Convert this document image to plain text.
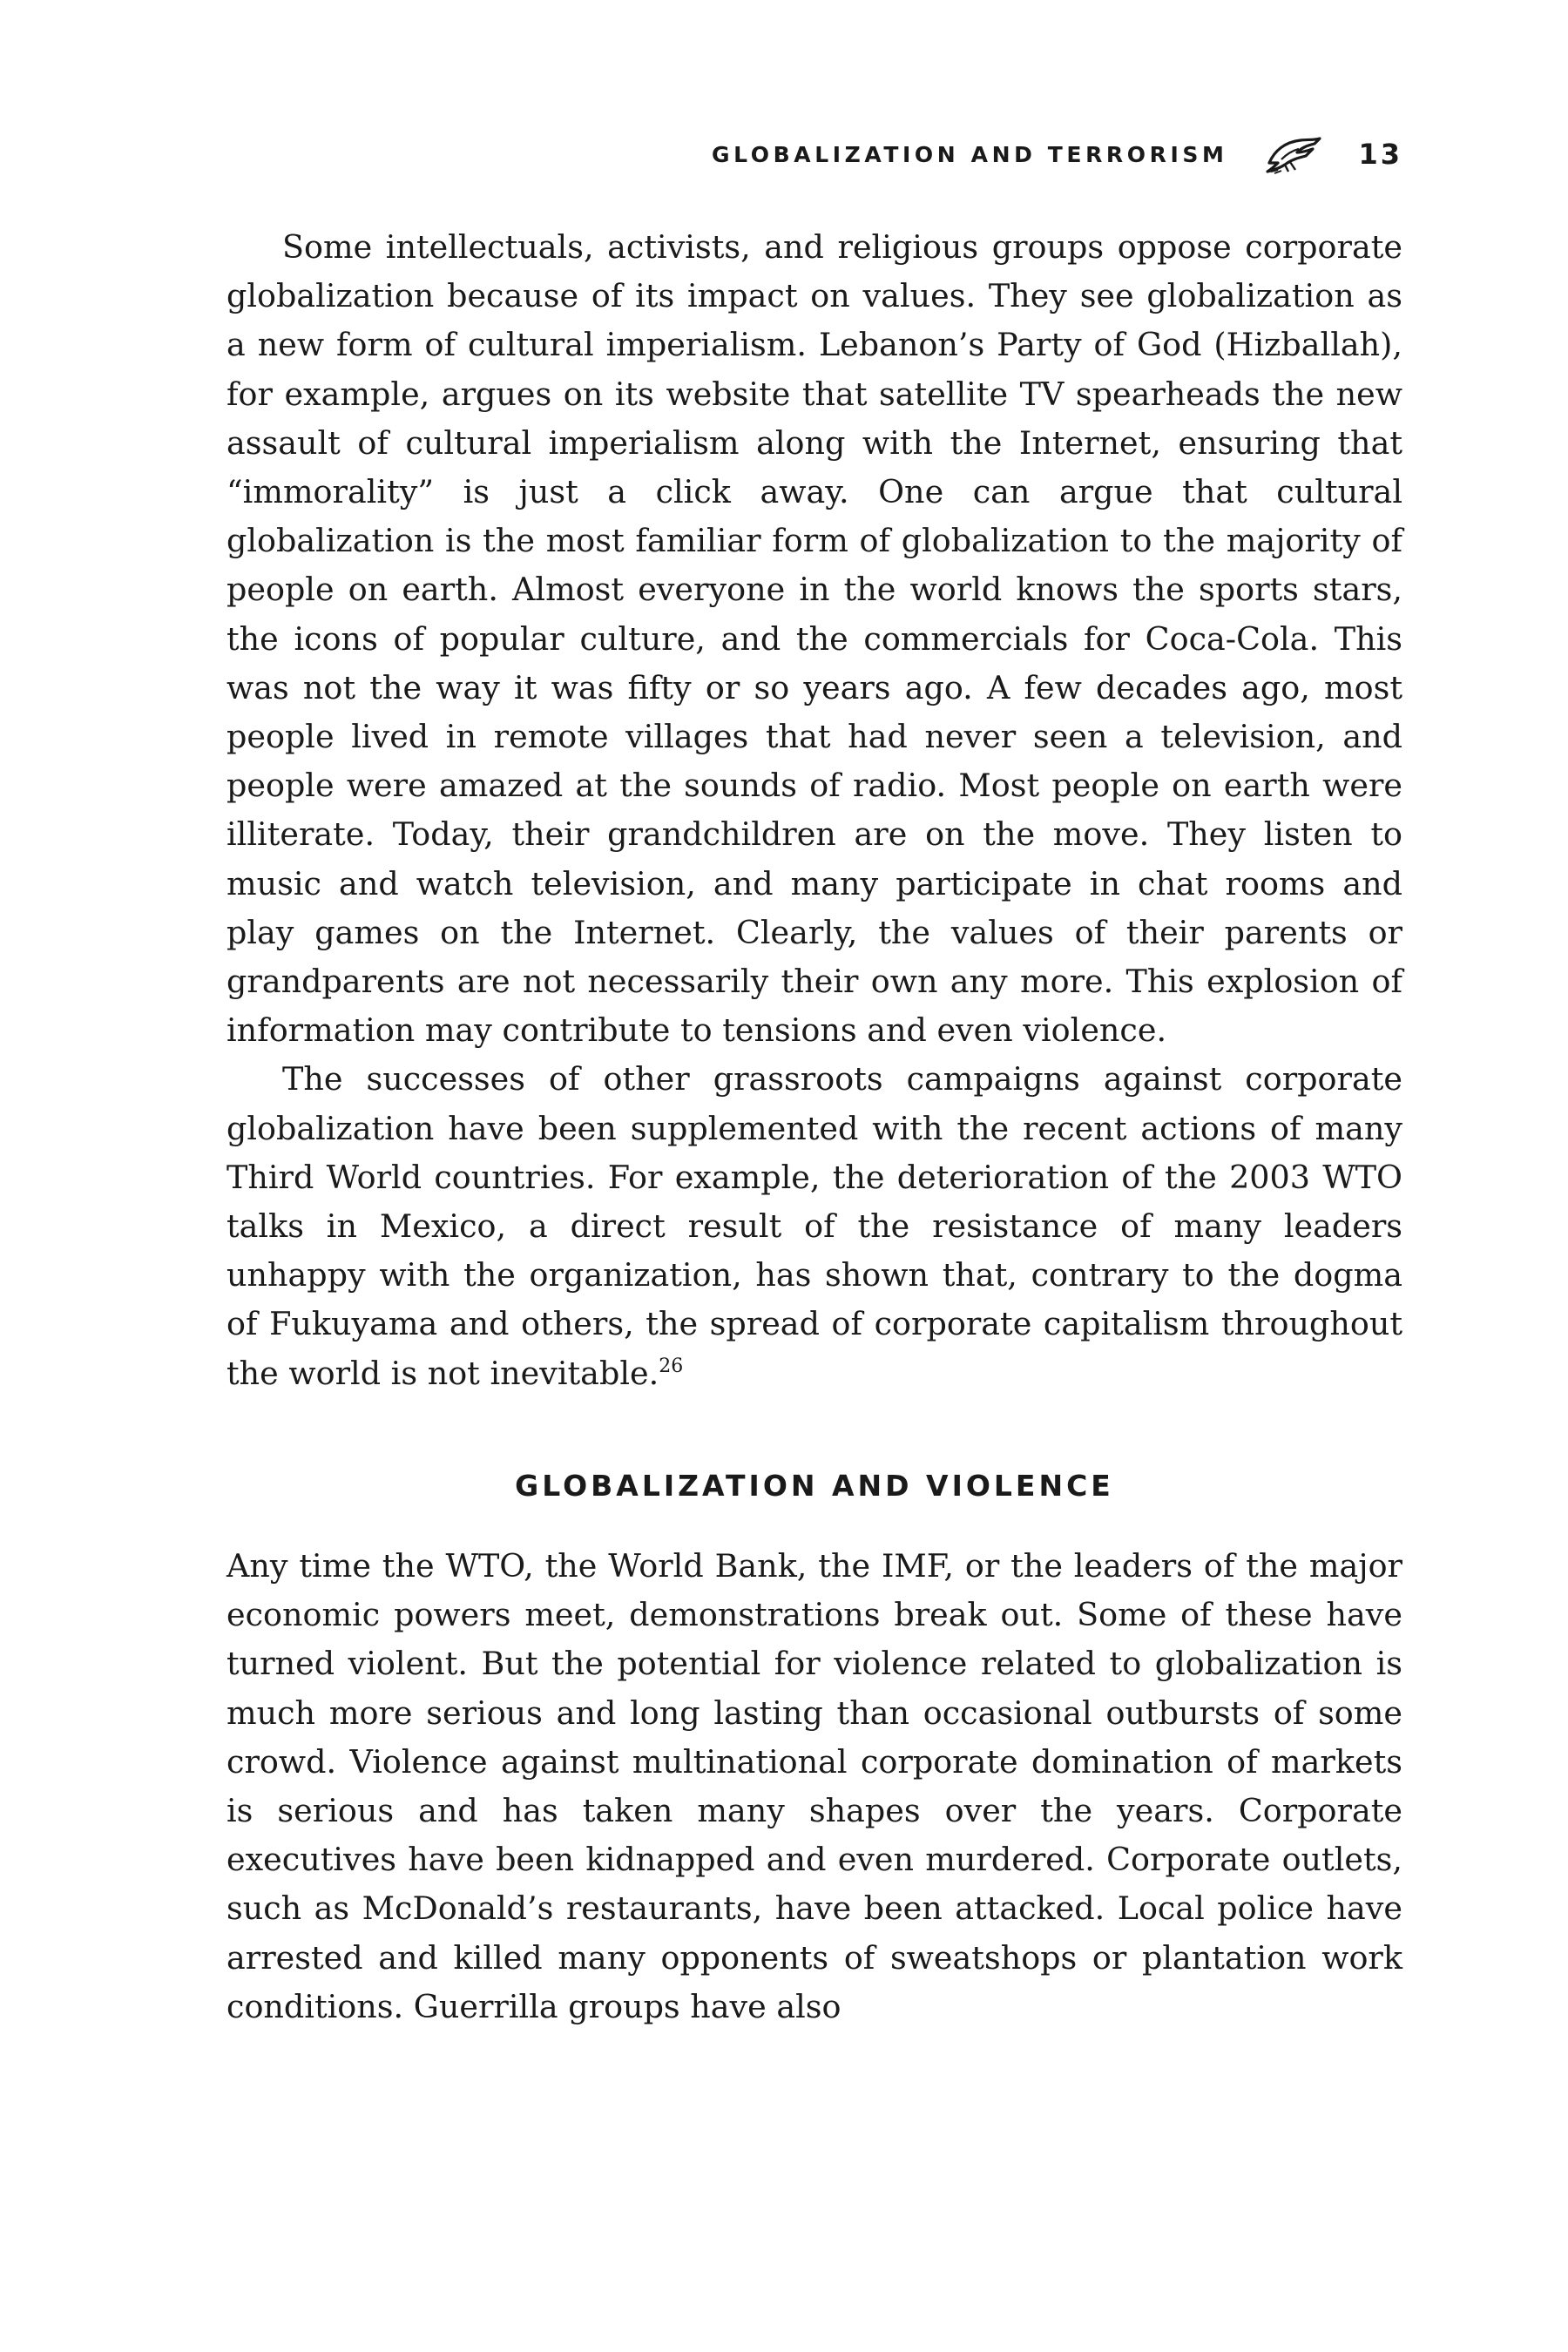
GLOBALIZATION AND TERRORISM	13

Some intellectuals, activists, and religious groups oppose corporate globalization because of its impact on values. They see globalization as a new form of cultural imperialism. Lebanon’s Party of God (Hizballah), for example, argues on its website that satellite TV spearheads the new assault of cultural imperialism along with the Internet, ensuring that “immorality” is just a click away. One can argue that cultural globalization is the most familiar form of globalization to the majority of people on earth. Almost everyone in the world knows the sports stars, the icons of popular culture, and the commercials for Coca-Cola. This was not the way it was fifty or so years ago. A few decades ago, most people lived in remote villages that had never seen a television, and people were amazed at the sounds of radio. Most people on earth were illiterate. Today, their grandchildren are on the move. They listen to music and watch television, and many participate in chat rooms and play games on the Internet. Clearly, the values of their parents or grandparents are not necessarily their own any more. This explosion of information may contribute to tensions and even violence.

The successes of other grassroots campaigns against corporate globalization have been supplemented with the recent actions of many Third World countries. For example, the deterioration of the 2003 WTO talks in Mexico, a direct result of the resistance of many leaders unhappy with the organization, has shown that, contrary to the dogma of Fukuyama and others, the spread of corporate capitalism throughout the world is not inevitable.$^{26}$

GLOBALIZATION AND VIOLENCE

Any time the WTO, the World Bank, the IMF, or the leaders of the major economic powers meet, demonstrations break out. Some of these have turned violent. But the potential for violence related to globalization is much more serious and long lasting than occasional outbursts of some crowd. Violence against multinational corporate domination of markets is serious and has taken many shapes over the years. Corporate executives have been kidnapped and even murdered. Corporate outlets, such as McDonald’s restaurants, have been attacked. Local police have arrested and killed many opponents of sweatshops or plantation work conditions. Guerrilla groups have also
